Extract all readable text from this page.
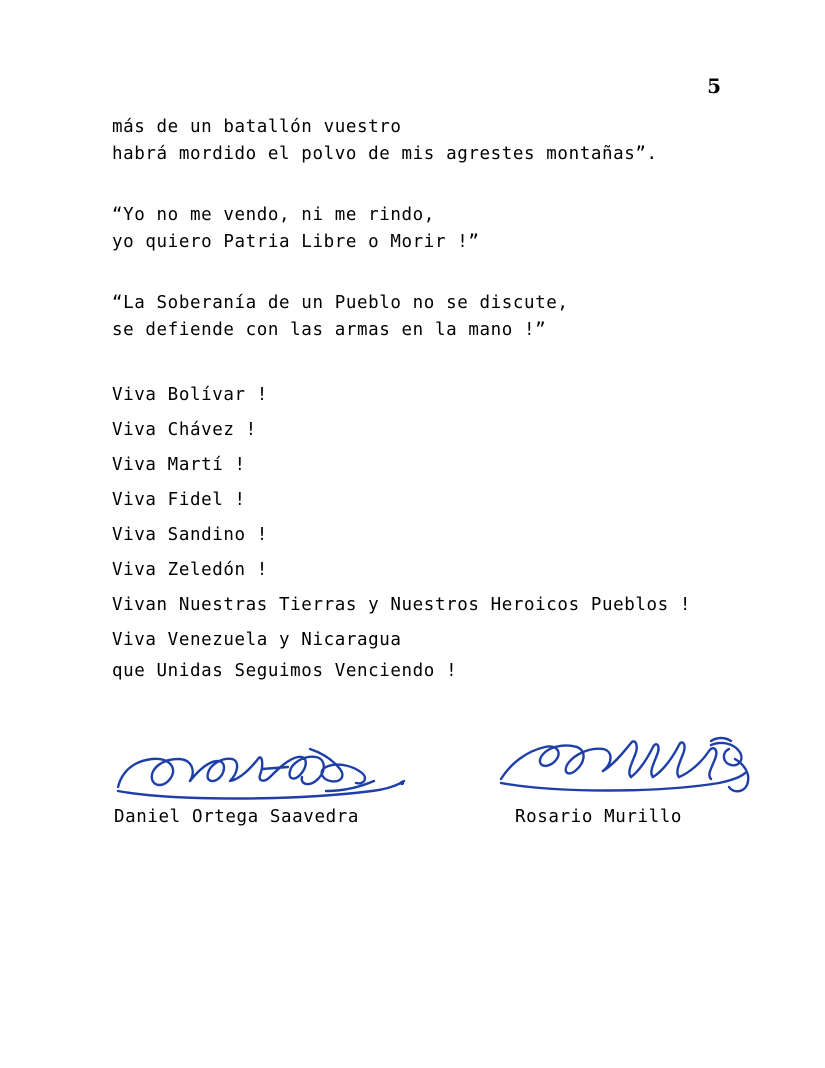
5
más de un batallón vuestro
habrá mordido el polvo de mis agrestes montañas”.
“Yo no me vendo, ni me rindo,
yo quiero Patria Libre o Morir !”
“La Soberanía de un Pueblo no se discute,
se defiende con las armas en la mano !”
Viva Bolívar !
Viva Chávez !
Viva Martí !
Viva Fidel !
Viva Sandino !
Viva Zeledón !
Vivan Nuestras Tierras y Nuestros Heroicos Pueblos !
Viva Venezuela y Nicaragua
que Unidas Seguimos Venciendo !
Daniel Ortega Saavedra	Rosario Murillo
